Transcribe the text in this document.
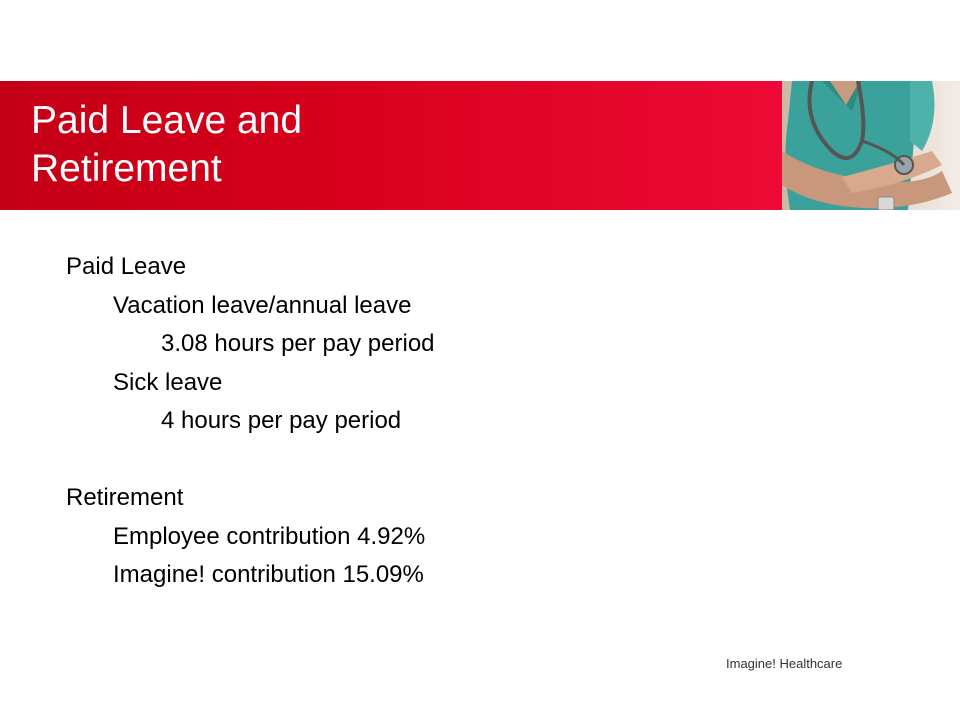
Paid Leave and
Retirement
Paid Leave
Vacation leave/annual leave
3.08 hours per pay period
Sick leave
4 hours per pay period
Retirement
Employee contribution 4.92%
Imagine! contribution 15.09%
Imagine! Healthcare
